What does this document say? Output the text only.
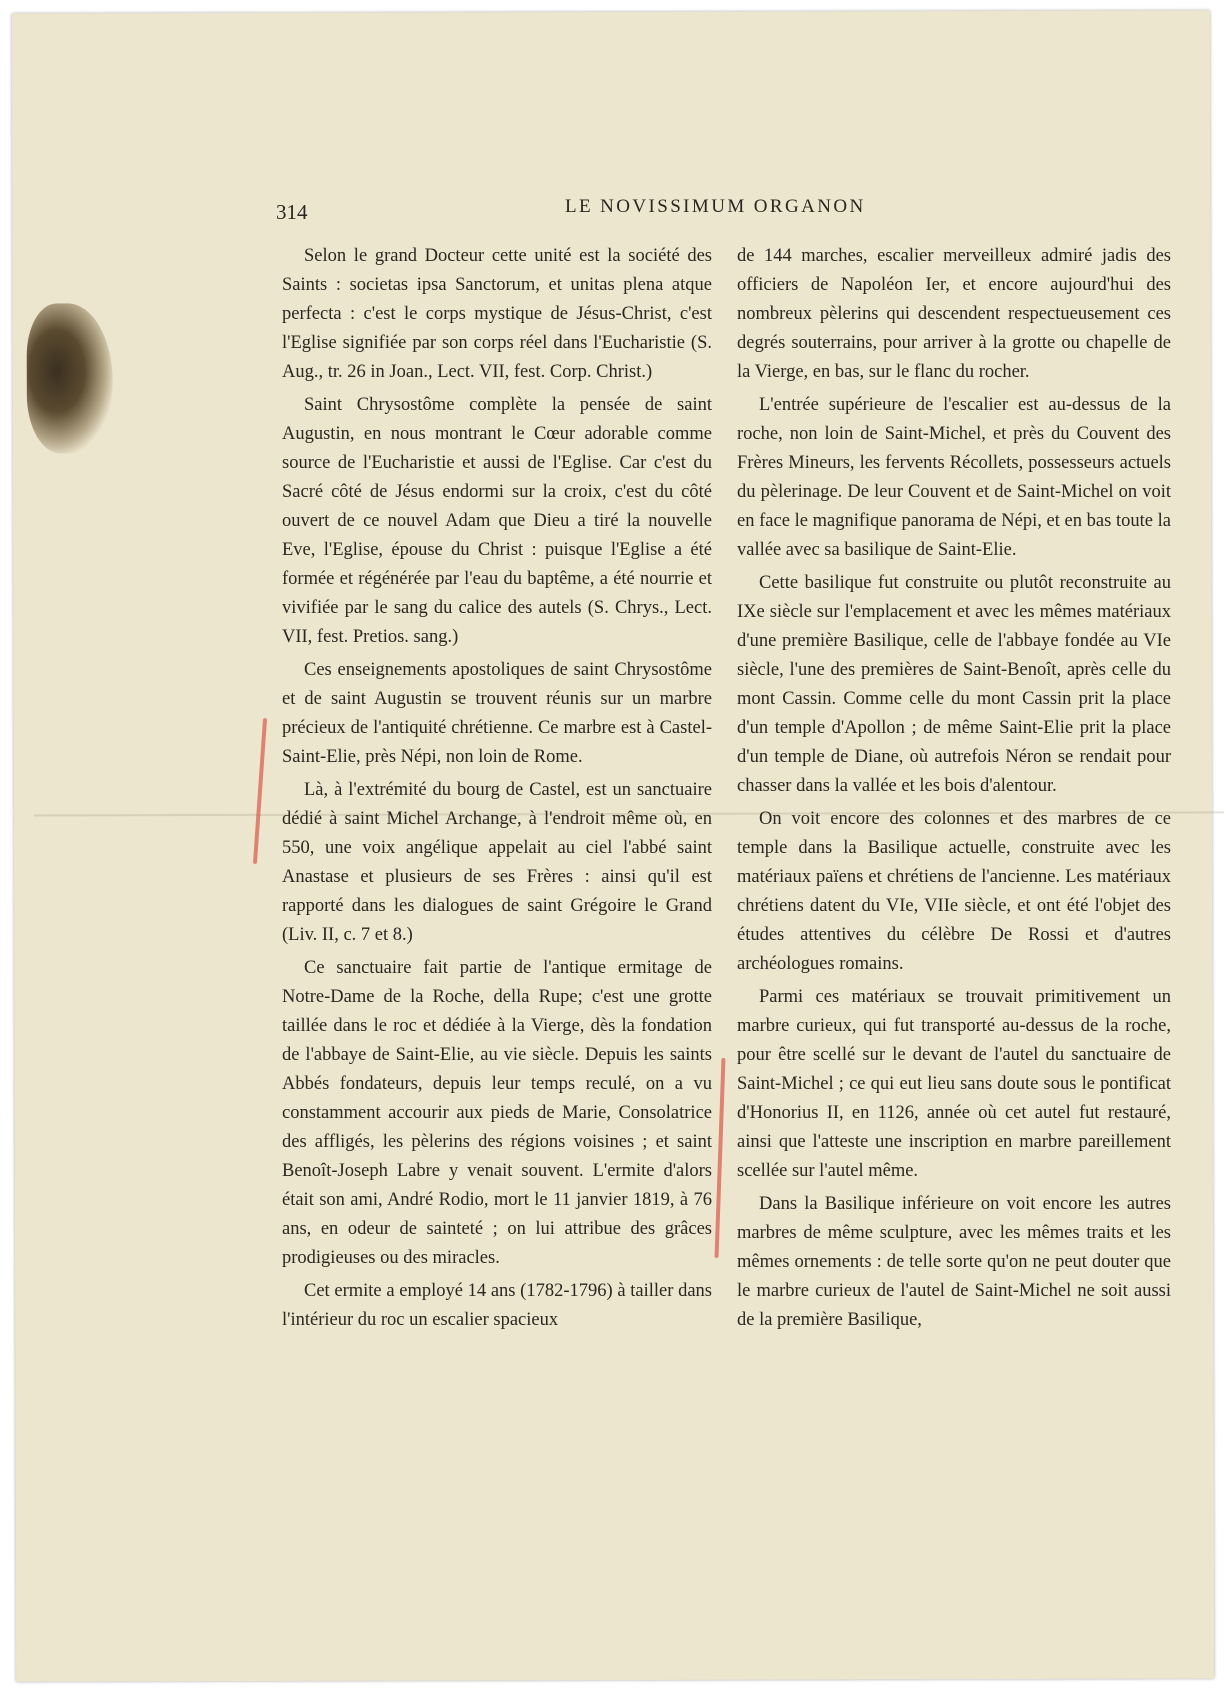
314	LE NOVISSIMUM ORGANON

Selon le grand Docteur cette unité est la société des Saints : societas ipsa Sanctorum, et unitas plena atque perfecta : c'est le corps mystique de Jésus-Christ, c'est l'Eglise signifiée par son corps réel dans l'Eucharistie (S. Aug., tr. 26 in Joan., Lect. VII, fest. Corp. Christ.)

Saint Chrysostôme complète la pensée de saint Augustin, en nous montrant le Cœur adorable comme source de l'Eucharistie et aussi de l'Eglise. Car c'est du Sacré côté de Jésus endormi sur la croix, c'est du côté ouvert de ce nouvel Adam que Dieu a tiré la nouvelle Eve, l'Eglise, épouse du Christ : puisque l'Eglise a été formée et régénérée par l'eau du baptême, a été nourrie et vivifiée par le sang du calice des autels (S. Chrys., Lect. VII, fest. Pretios. sang.)

Ces enseignements apostoliques de saint Chrysostôme et de saint Augustin se trouvent réunis sur un marbre précieux de l'antiquité chrétienne. Ce marbre est à Castel-Saint-Elie, près Népi, non loin de Rome.

Là, à l'extrémité du bourg de Castel, est un sanctuaire dédié à saint Michel Archange, à l'endroit même où, en 550, une voix angélique appelait au ciel l'abbé saint Anastase et plusieurs de ses Frères : ainsi qu'il est rapporté dans les dialogues de saint Grégoire le Grand (Liv. II, c. 7 et 8.)

Ce sanctuaire fait partie de l'antique ermitage de Notre-Dame de la Roche, della Rupe; c'est une grotte taillée dans le roc et dédiée à la Vierge, dès la fondation de l'abbaye de Saint-Elie, au vie siècle. Depuis les saints Abbés fondateurs, depuis leur temps reculé, on a vu constamment accourir aux pieds de Marie, Consolatrice des affligés, les pèlerins des régions voisines ; et saint Benoît-Joseph Labre y venait souvent. L'ermite d'alors était son ami, André Rodio, mort le 11 janvier 1819, à 76 ans, en odeur de sainteté ; on lui attribue des grâces prodigieuses ou des miracles.

Cet ermite a employé 14 ans (1782-1796) à tailler dans l'intérieur du roc un escalier spacieux

de 144 marches, escalier merveilleux admiré jadis des officiers de Napoléon Ier, et encore aujourd'hui des nombreux pèlerins qui descendent respectueusement ces degrés souterrains, pour arriver à la grotte ou chapelle de la Vierge, en bas, sur le flanc du rocher.

L'entrée supérieure de l'escalier est au-dessus de la roche, non loin de Saint-Michel, et près du Couvent des Frères Mineurs, les fervents Récollets, possesseurs actuels du pèlerinage. De leur Couvent et de Saint-Michel on voit en face le magnifique panorama de Népi, et en bas toute la vallée avec sa basilique de Saint-Elie.

Cette basilique fut construite ou plutôt reconstruite au IXe siècle sur l'emplacement et avec les mêmes matériaux d'une première Basilique, celle de l'abbaye fondée au VIe siècle, l'une des premières de Saint-Benoît, après celle du mont Cassin. Comme celle du mont Cassin prit la place d'un temple d'Apollon ; de même Saint-Elie prit la place d'un temple de Diane, où autrefois Néron se rendait pour chasser dans la vallée et les bois d'alentour.

On voit encore des colonnes et des marbres de ce temple dans la Basilique actuelle, construite avec les matériaux païens et chrétiens de l'ancienne. Les matériaux chrétiens datent du VIe, VIIe siècle, et ont été l'objet des études attentives du célèbre De Rossi et d'autres archéologues romains.

Parmi ces matériaux se trouvait primitivement un marbre curieux, qui fut transporté au-dessus de la roche, pour être scellé sur le devant de l'autel du sanctuaire de Saint-Michel ; ce qui eut lieu sans doute sous le pontificat d'Honorius II, en 1126, année où cet autel fut restauré, ainsi que l'atteste une inscription en marbre pareillement scellée sur l'autel même.

Dans la Basilique inférieure on voit encore les autres marbres de même sculpture, avec les mêmes traits et les mêmes ornements : de telle sorte qu'on ne peut douter que le marbre curieux de l'autel de Saint-Michel ne soit aussi de la première Basilique,
